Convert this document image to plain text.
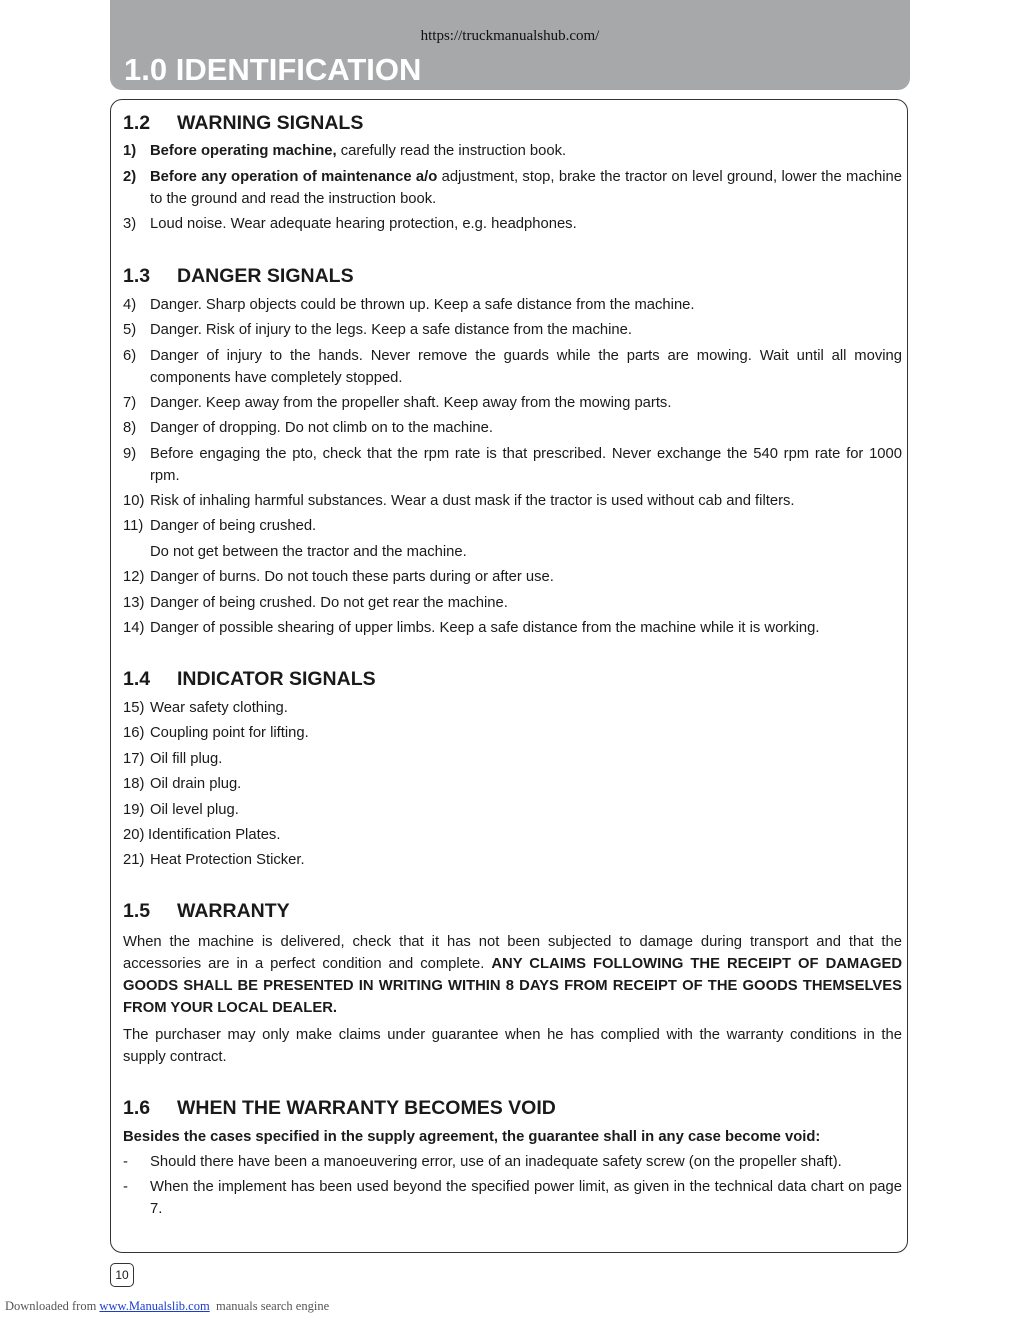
https://truckmanualshub.com/
1.0 IDENTIFICATION
1.2 WARNING SIGNALS
1) Before operating machine, carefully read the instruction book.
2) Before any operation of maintenance a/o adjustment, stop, brake the tractor on level ground, lower the machine to the ground and read the instruction book.
3) Loud noise. Wear adequate hearing protection, e.g. headphones.
1.3 DANGER SIGNALS
4) Danger. Sharp objects could be thrown up. Keep a safe distance from the machine.
5) Danger. Risk of injury to the legs. Keep a safe distance from the machine.
6) Danger of injury to the hands. Never remove the guards while the parts are mowing. Wait until all moving components have completely stopped.
7) Danger. Keep away from the propeller shaft. Keep away from the mowing parts.
8) Danger of dropping. Do not climb on to the machine.
9) Before engaging the pto, check that the rpm rate is that prescribed. Never exchange the 540 rpm rate for 1000 rpm.
10) Risk of inhaling harmful substances. Wear a dust mask if the tractor is used without cab and filters.
11) Danger of being crushed.
Do not get between the tractor and the machine.
12) Danger of burns. Do not touch these parts during or after use.
13) Danger of being crushed. Do not get rear the machine.
14) Danger of possible shearing of upper limbs. Keep a safe distance from the machine while it is working.
1.4 INDICATOR SIGNALS
15) Wear safety clothing.
16) Coupling point for lifting.
17) Oil fill plug.
18) Oil drain plug.
19) Oil level plug.
20) Identification Plates.
21) Heat Protection Sticker.
1.5 WARRANTY
When the machine is delivered, check that it has not been subjected to damage during transport and that the accessories are in a perfect condition and complete. ANY CLAIMS FOLLOWING THE RECEIPT OF DAMAGED GOODS SHALL BE PRESENTED IN WRITING WITHIN 8 DAYS FROM RECEIPT OF THE GOODS THEMSELVES FROM YOUR LOCAL DEALER.
The purchaser may only make claims under guarantee when he has complied with the warranty conditions in the supply contract.
1.6 WHEN THE WARRANTY BECOMES VOID
Besides the cases specified in the supply agreement, the guarantee shall in any case become void:
-	Should there have been a manoeuvering error, use of an inadequate safety screw (on the propeller shaft).
-	When the implement has been used beyond the specified power limit, as given in the technical data chart on page 7.
10
Downloaded from www.Manualslib.com  manuals search engine
